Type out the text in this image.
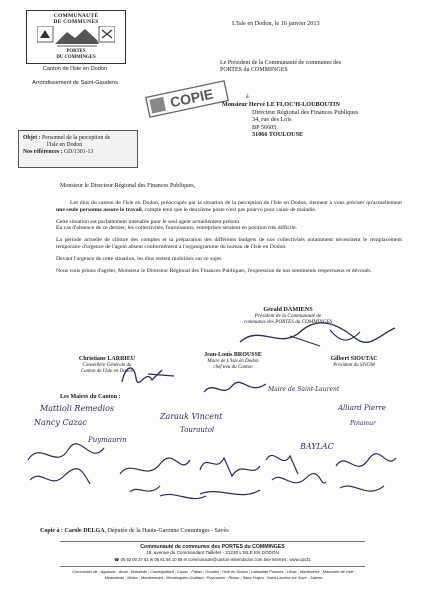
COMMUNAUTÉ
DE COMMUNES
PORTES
DU COMMINGES
Canton de l'Isle en Dodon
Arrondissement de Saint-Gaudens
L'Isle en Dodon, le 16 janvier 2013
Le Président de la Communauté de communes des
PORTES du COMMINGES
COPIE	à
Monsieur Hervé LE FLOC'H-LOUBOUTIN
Directeur Régional des Finances Publiques
34, rue des Lois
BP 56605
31066 TOULOUSE
Objet : Personnel de la perception de
l'Isle en Dodon
Nos références : GD/1301-13
Monsieur le Directeur Régional des Finances Publiques,
Les élus du canton de l'Isle en Dodon, préoccupés par la situation de la perception de l'Isle en Dodon, tiennent à vous préciser qu'actuellement une seule personne assure le travail, compte tenu que le deuxième poste n'est pas pourvu pour cause de maladie.
Cette situation est parfaitement intenable pour le seul agent actuellement présent.
En cas d'absence de ce dernier, les collectivités, fournisseurs, entreprises seraient en position très difficile.
La période actuelle de clôture des comptes et la préparation des différents budgets de nos collectivités notamment nécessitent le remplacement temporaire d'urgence de l'agent absent conformément à l'organigramme du bureau de l'Isle en Dodon.
Devant l'urgence de cette situation, les élus restent mobilisés sur ce sujet.
Nous vous prions d'agréer, Monsieur le Directeur Régional des Finances Publiques, l'expression de nos sentiments respectueux et dévoués.
Gérald DAMIENS
Président de la Communauté de
communes des PORTES du COMMINGES
Christiane LARRIEU
Conseillère Générale du
Canton de l'Isle en Dodon
Jean-Louis BROUSSE
Maire de L'Isle en Dodon
chef lieu du Canton
Gilbert SIOUTAC
Président du SIVOM
Les Maires du Canton :
Mattioli Remedios
Nancy Cazac
Zarauk Vincent
Puymaurin
Tourautol
Alliard Pierre
Maire de Saint-Laurent
BAYLAC
Pinamur
Copie à : Carole DELGA, Députée de la Haute-Garonne Comminges - Savès
Communauté de communes des PORTES du COMMINGES
18, avenue du Commandant Taillefer - 31230 L'ISLE EN DODON
☎ 05 62 00 37 51 ✉ 05 61 94 10 59 ✉ communaute@canton-isleendodon.com Site Internet : www.cpc31
Communes de : Agassac ; Anan ; Boissède ; Castelgaillard ; Cazac ; Fabas ; Goudex ; l'Isle en Dodon ; Labastide Paumes ; Lilhac ; Martisserre ; Mauvezin de l'Isle ;
Mirambeau ; Molas ; Montbernard ; Montesquieu-Guittaut ; Puymaurin ; Riolas ; Saint-Frajou ; Saint-Laurent sur Save ; Salerm.
